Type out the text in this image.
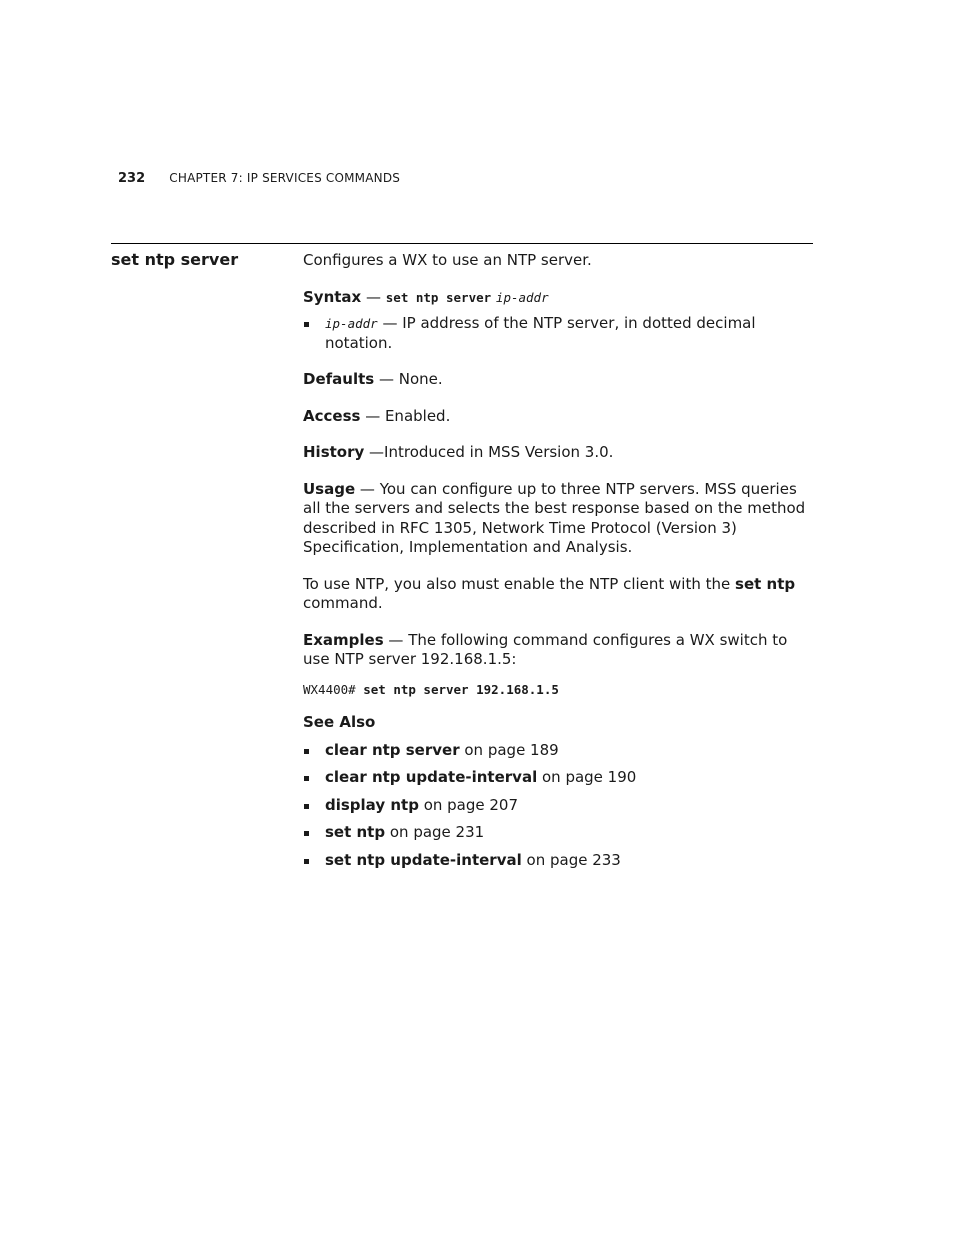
232 CHAPTER 7: IP SERVICES COMMANDS
set ntp server	Configures a WX to use an NTP server.

Syntax — set ntp server ip-addr

ip-addr — IP address of the NTP server, in dotted decimal notation.

Defaults — None.

Access — Enabled.

History —Introduced in MSS Version 3.0.

Usage — You can configure up to three NTP servers. MSS queries all the servers and selects the best response based on the method described in RFC 1305, Network Time Protocol (Version 3) Specification, Implementation and Analysis.

To use NTP, you also must enable the NTP client with the set ntp command.

Examples — The following command configures a WX switch to use NTP server 192.168.1.5:

WX4400# set ntp server 192.168.1.5

See Also

clear ntp server on page 189
clear ntp update-interval on page 190
display ntp on page 207
set ntp on page 231
set ntp update-interval on page 233
